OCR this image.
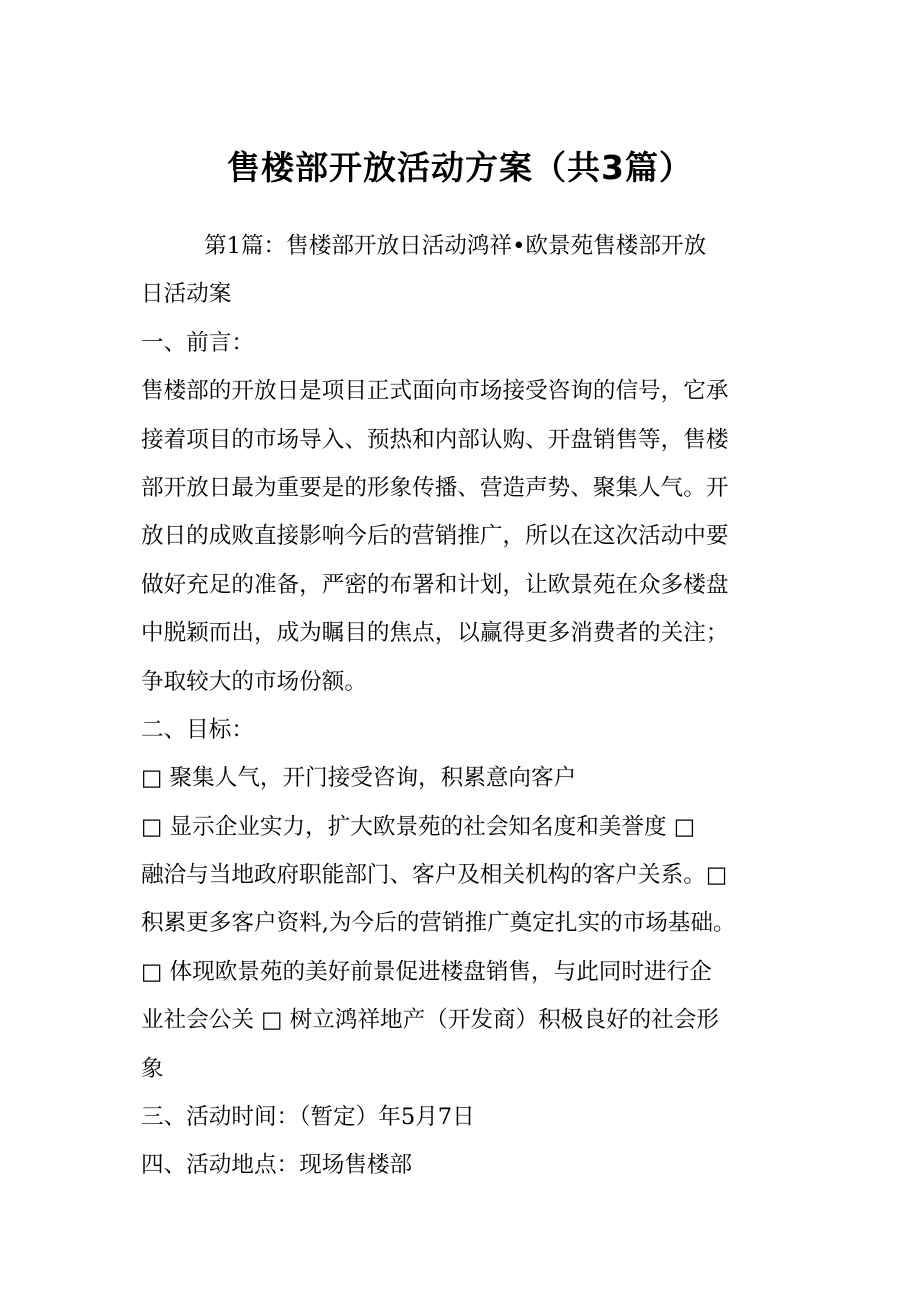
售楼部开放活动方案（共3篇）
第1篇：售楼部开放日活动鸿祥•欧景苑售楼部开放
日活动案
一、前言：
售楼部的开放日是项目正式面向市场接受咨询的信号，它承
接着项目的市场导入、预热和内部认购、开盘销售等，售楼
部开放日最为重要是的形象传播、营造声势、聚集人气。开
放日的成败直接影响今后的营销推广，所以在这次活动中要
做好充足的准备，严密的布署和计划，让欧景苑在众多楼盘
中脱颖而出，成为瞩目的焦点，以赢得更多消费者的关注；
争取较大的市场份额。
二、目标：
□ 聚集人气，开门接受咨询，积累意向客户
□ 显示企业实力，扩大欧景苑的社会知名度和美誉度 □
融洽与当地政府职能部门、客户及相关机构的客户关系。□
积累更多客户资料,为今后的营销推广奠定扎实的市场基础。
□ 体现欧景苑的美好前景促进楼盘销售，与此同时进行企
业社会公关 □ 树立鸿祥地产（开发商）积极良好的社会形
象
三、活动时间：（暂定）年5月7日
四、活动地点：现场售楼部
